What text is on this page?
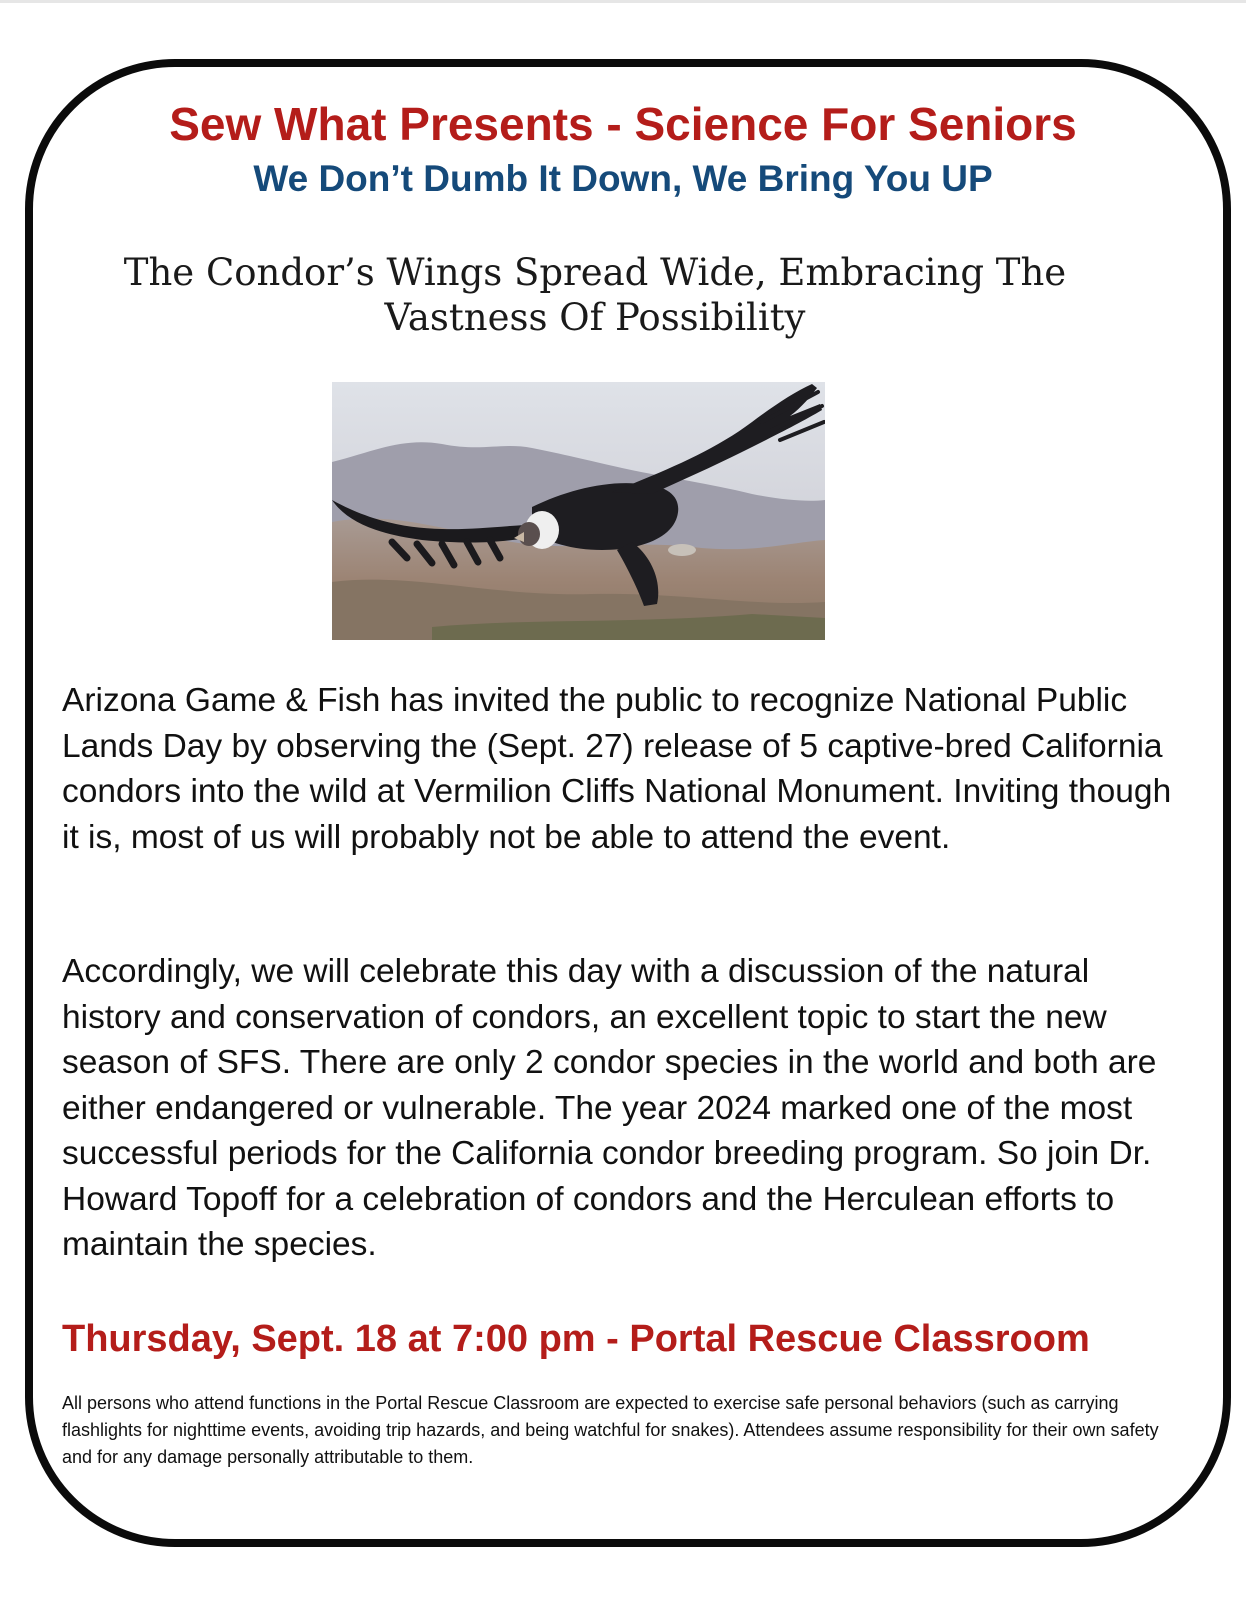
Sew What Presents - Science For Seniors
We Don’t Dumb It Down, We Bring You UP
The Condor’s Wings Spread Wide, Embracing The
Vastness Of Possibility

Arizona Game & Fish has invited the public to recognize National Public Lands Day by observing the (Sept. 27) release of 5 captive-bred California condors into the wild at Vermilion Cliffs National Monument. Inviting though it is, most of us will probably not be able to attend the event.

Accordingly, we will celebrate this day with a discussion of the natural history and conservation of condors, an excellent topic to start the new season of SFS. There are only 2 condor species in the world and both are either endangered or vulnerable. The year 2024 marked one of the most successful periods for the California condor breeding program. So join Dr. Howard Topoff for a celebration of condors and the Herculean efforts to maintain the species.

Thursday, Sept. 18 at 7:00 pm - Portal Rescue Classroom

All persons who attend functions in the Portal Rescue Classroom are expected to exercise safe personal behaviors (such as carrying flashlights for nighttime events, avoiding trip hazards, and being watchful for snakes). Attendees assume responsibility for their own safety and for any damage personally attributable to them.
